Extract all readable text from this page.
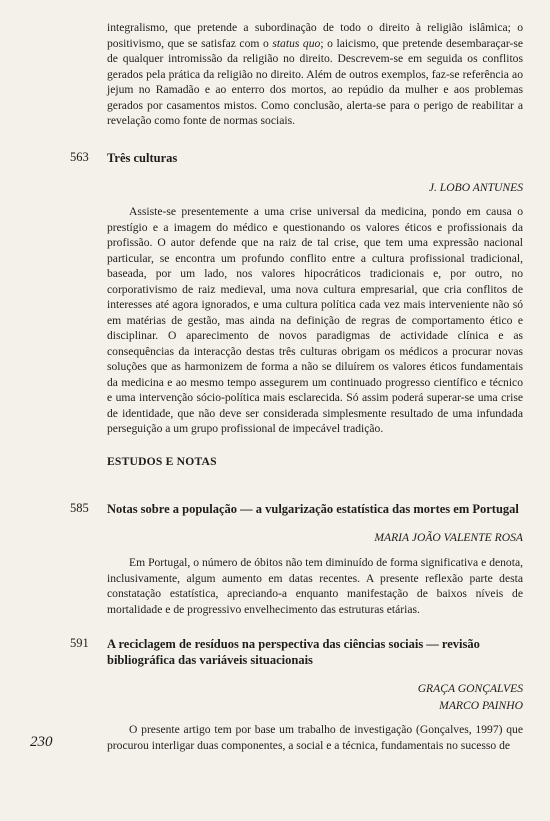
integralismo, que pretende a subordinação de todo o direito à religião islâmica; o positivismo, que se satisfaz com o status quo; o laicismo, que pretende desembaraçar-se de qualquer intromissão da religião no direito. Descrevem-se em seguida os conflitos gerados pela prática da religião no direito. Além de outros exemplos, faz-se referência ao jejum no Ramadão e ao enterro dos mortos, ao repúdio da mulher e aos problemas gerados por casamentos mistos. Como conclusão, alerta-se para o perigo de reabilitar a revelação como fonte de normas sociais.

563 Três culturas
J. LOBO ANTUNES

Assiste-se presentemente a uma crise universal da medicina, pondo em causa o prestígio e a imagem do médico e questionando os valores éticos e profissionais da profissão. O autor defende que na raiz de tal crise, que tem uma expressão nacional particular, se encontra um profundo conflito entre a cultura profissional tradicional, baseada, por um lado, nos valores hipocráticos tradicionais e, por outro, no corporativismo de raiz medieval, uma nova cultura empresarial, que cria conflitos de interesses até agora ignorados, e uma cultura política cada vez mais interveniente não só em matérias de gestão, mas ainda na definição de regras de comportamento ético e disciplinar. O aparecimento de novos paradigmas de actividade clínica e as consequências da interacção destas três culturas obrigam os médicos a procurar novas soluções que as harmonizem de forma a não se diluírem os valores éticos fundamentais da medicina e ao mesmo tempo assegurem um continuado progresso científico e técnico e uma intervenção sócio-política mais esclarecida. Só assim poderá superar-se uma crise de identidade, que não deve ser considerada simplesmente resultado de uma infundada perseguição a um grupo profissional de impecável tradição.

ESTUDOS E NOTAS
585 Notas sobre a população — a vulgarização estatística das mortes em Portugal
MARIA JOÃO VALENTE ROSA

Em Portugal, o número de óbitos não tem diminuído de forma significativa e denota, inclusivamente, algum aumento em datas recentes. A presente reflexão parte desta constatação estatística, apreciando-a enquanto manifestação de baixos níveis de mortalidade e de progressivo envelhecimento das estruturas etárias.

591 A reciclagem de resíduos na perspectiva das ciências sociais — revisão bibliográfica das variáveis situacionais
GRAÇA GONÇALVES
MARCO PAINHO

O presente artigo tem por base um trabalho de investigação (Gonçalves, 1997) que procurou interligar duas componentes, a social e a técnica, fundamentais no sucesso de

230
